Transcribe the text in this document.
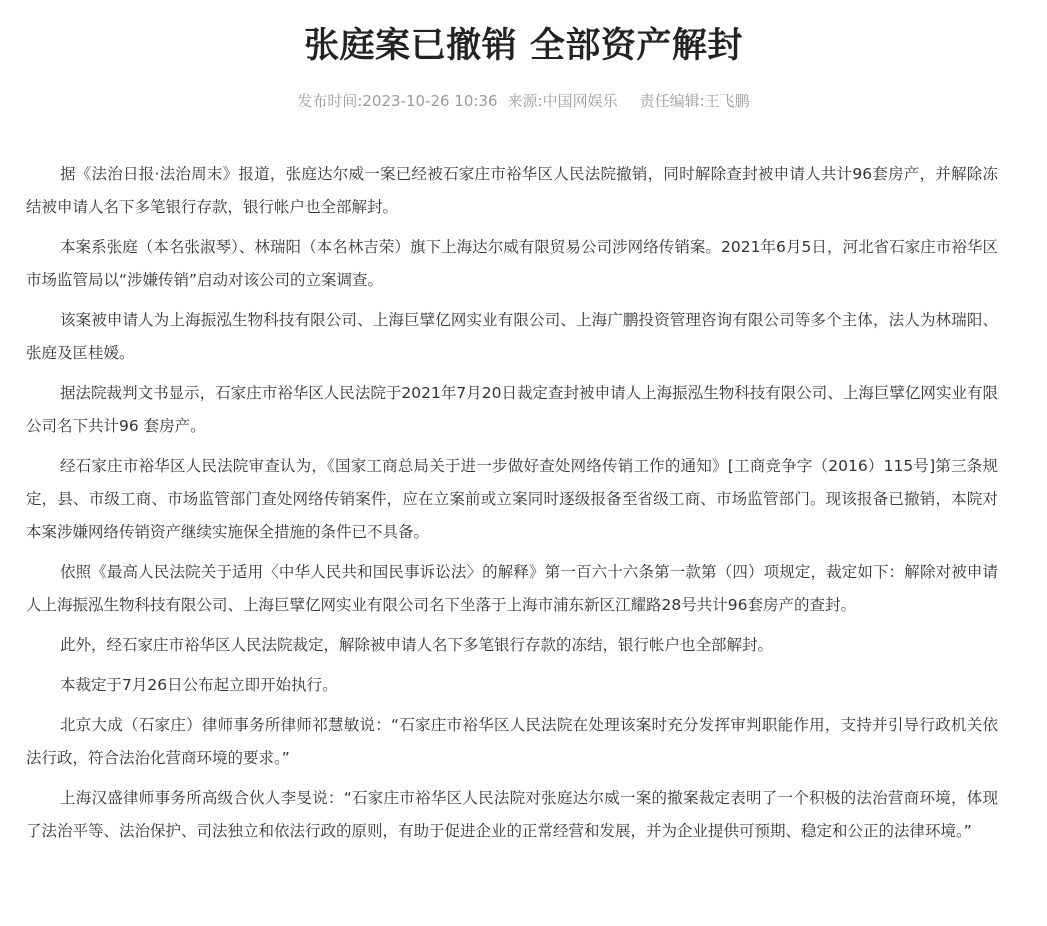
张庭案已撤销 全部资产解封
发布时间:2023-10-26 10:36 来源:中国网娱乐 责任编辑:王飞鹏

据《法治日报·法治周末》报道，张庭达尔威一案已经被石家庄市裕华区人民法院撤销，同时解除查封被申请人共计96套房产，并解除冻结被申请人名下多笔银行存款，银行帐户也全部解封。

本案系张庭（本名张淑琴）、林瑞阳（本名林吉荣）旗下上海达尔威有限贸易公司涉网络传销案。2021年6月5日，河北省石家庄市裕华区市场监管局以“涉嫌传销”启动对该公司的立案调查。

该案被申请人为上海振泓生物科技有限公司、上海巨擘亿网实业有限公司、上海广鹏投资管理咨询有限公司等多个主体，法人为林瑞阳、张庭及匡桂媛。

据法院裁判文书显示，石家庄市裕华区人民法院于2021年7月20日裁定查封被申请人上海振泓生物科技有限公司、上海巨擘亿网实业有限公司名下共计96 套房产。

经石家庄市裕华区人民法院审查认为，《国家工商总局关于进一步做好查处网络传销工作的通知》[工商竞争字（2016）115号]第三条规定，县、市级工商、市场监管部门查处网络传销案件，应在立案前或立案同时逐级报备至省级工商、市场监管部门。现该报备已撤销，本院对本案涉嫌网络传销资产继续实施保全措施的条件已不具备。

依照《最高人民法院关于适用〈中华人民共和国民事诉讼法〉的解释》第一百六十六条第一款第（四）项规定，裁定如下：解除对被申请人上海振泓生物科技有限公司、上海巨擘亿网实业有限公司名下坐落于上海市浦东新区江耀路28号共计96套房产的查封。

此外，经石家庄市裕华区人民法院裁定，解除被申请人名下多笔银行存款的冻结，银行帐户也全部解封。

本裁定于7月26日公布起立即开始执行。

北京大成（石家庄）律师事务所律师祁慧敏说：“石家庄市裕华区人民法院在处理该案时充分发挥审判职能作用，支持并引导行政机关依法行政，符合法治化营商环境的要求。”

上海汉盛律师事务所高级合伙人李旻说：“石家庄市裕华区人民法院对张庭达尔威一案的撤案裁定表明了一个积极的法治营商环境，体现了法治平等、法治保护、司法独立和依法行政的原则，有助于促进企业的正常经营和发展，并为企业提供可预期、稳定和公正的法律环境。”
